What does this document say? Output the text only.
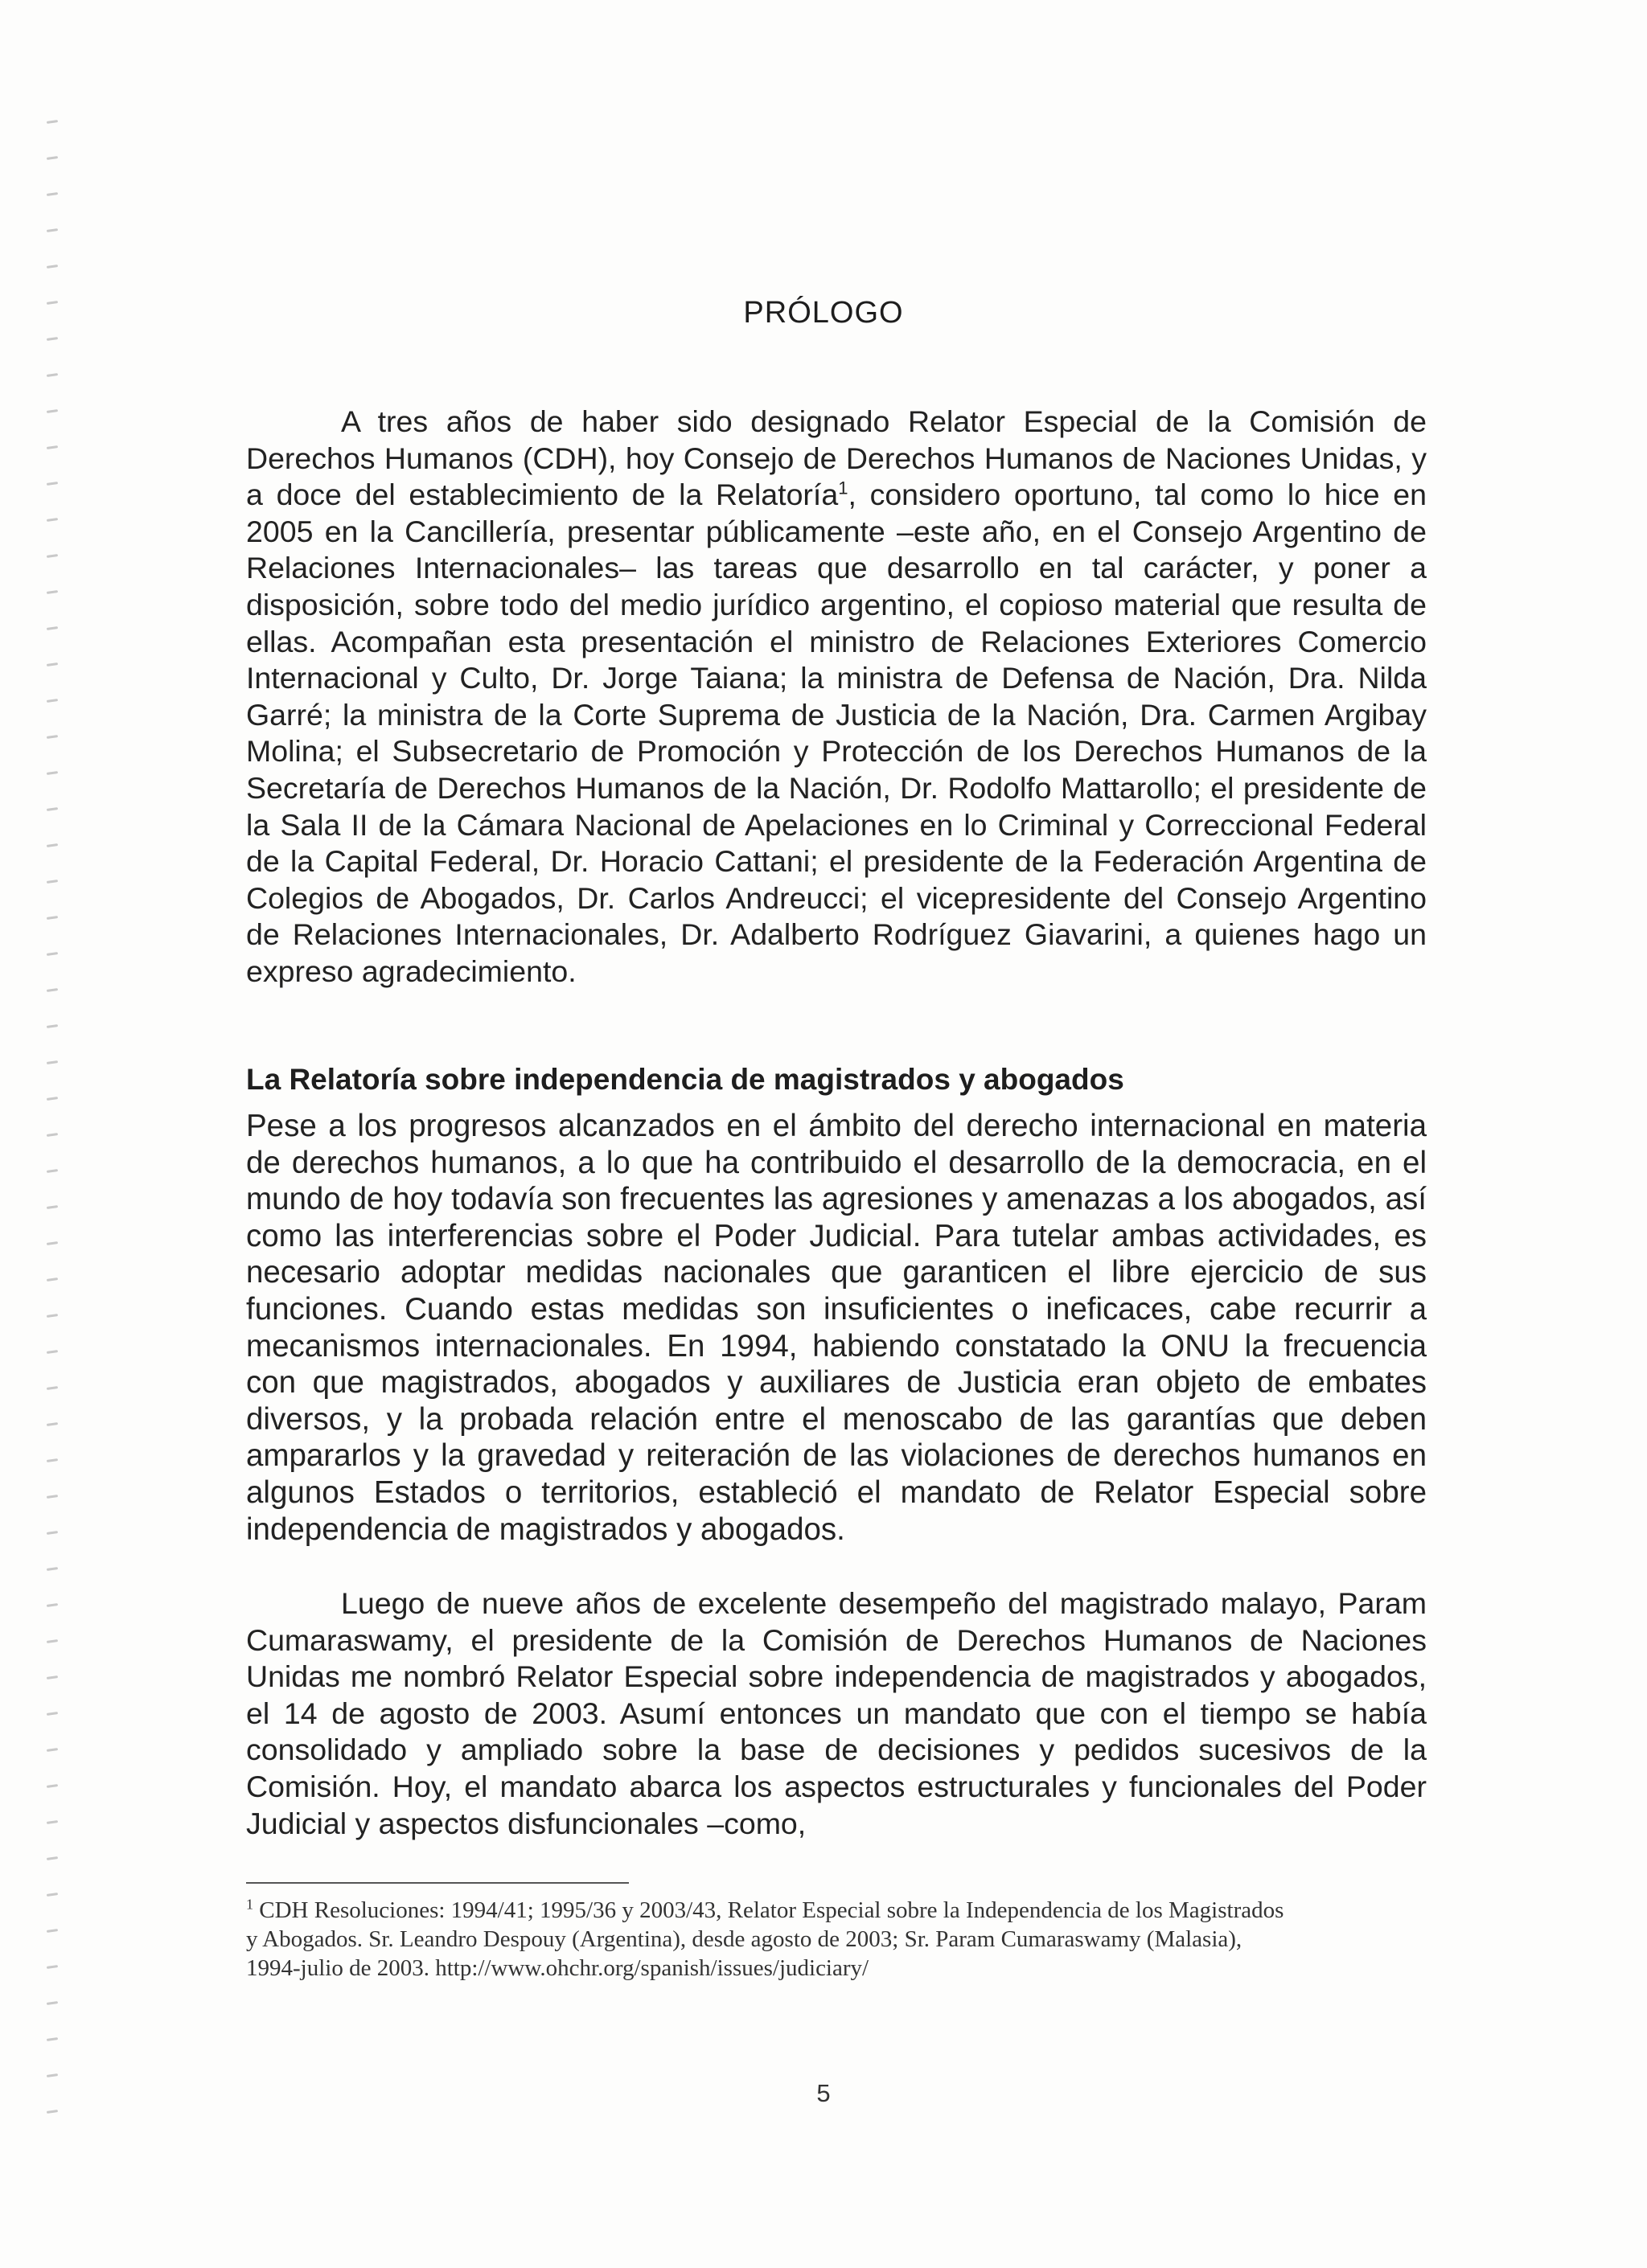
PRÓLOGO
A tres años de haber sido designado Relator Especial de la Comisión de Derechos Humanos (CDH), hoy Consejo de Derechos Humanos de Naciones Unidas, y a doce del establecimiento de la Relatoría$^1$, considero oportuno, tal como lo hice en 2005 en la Cancillería, presentar públicamente –este año, en el Consejo Argentino de Relaciones Internacionales– las tareas que desarrollo en tal carácter, y poner a disposición, sobre todo del medio jurídico argentino, el copioso material que resulta de ellas. Acompañan esta presentación el ministro de Relaciones Exteriores Comercio Internacional y Culto, Dr. Jorge Taiana; la ministra de Defensa de Nación, Dra. Nilda Garré; la ministra de la Corte Suprema de Justicia de la Nación, Dra. Carmen Argibay Molina; el Subsecretario de Promoción y Protección de los Derechos Humanos de la Secretaría de Derechos Humanos de la Nación, Dr. Rodolfo Mattarollo; el presidente de la Sala II de la Cámara Nacional de Apelaciones en lo Criminal y Correccional Federal de la Capital Federal, Dr. Horacio Cattani; el presidente de la Federación Argentina de Colegios de Abogados, Dr. Carlos Andreucci; el vicepresidente del Consejo Argentino de Relaciones Internacionales, Dr. Adalberto Rodríguez Giavarini, a quienes hago un expreso agradecimiento.
La Relatoría sobre independencia de magistrados y abogados
Pese a los progresos alcanzados en el ámbito del derecho internacional en materia de derechos humanos, a lo que ha contribuido el desarrollo de la democracia, en el mundo de hoy todavía son frecuentes las agresiones y amenazas a los abogados, así como las interferencias sobre el Poder Judicial. Para tutelar ambas actividades, es necesario adoptar medidas nacionales que garanticen el libre ejercicio de sus funciones. Cuando estas medidas son insuficientes o ineficaces, cabe recurrir a mecanismos internacionales. En 1994, habiendo constatado la ONU la frecuencia con que magistrados, abogados y auxiliares de Justicia eran objeto de embates diversos, y la probada relación entre el menoscabo de las garantías que deben ampararlos y la gravedad y reiteración de las violaciones de derechos humanos en algunos Estados o territorios, estableció el mandato de Relator Especial sobre independencia de magistrados y abogados.
Luego de nueve años de excelente desempeño del magistrado malayo, Param Cumaraswamy, el presidente de la Comisión de Derechos Humanos de Naciones Unidas me nombró Relator Especial sobre independencia de magistrados y abogados, el 14 de agosto de 2003. Asumí entonces un mandato que con el tiempo se había consolidado y ampliado sobre la base de decisiones y pedidos sucesivos de la Comisión. Hoy, el mandato abarca los aspectos estructurales y funcionales del Poder Judicial y aspectos disfuncionales –como,
$^1$ CDH Resoluciones: 1994/41; 1995/36 y 2003/43, Relator Especial sobre la Independencia de los Magistrados y Abogados. Sr. Leandro Despouy (Argentina), desde agosto de 2003; Sr. Param Cumaraswamy (Malasia), 1994-julio de 2003. http://www.ohchr.org/spanish/issues/judiciary/
5
